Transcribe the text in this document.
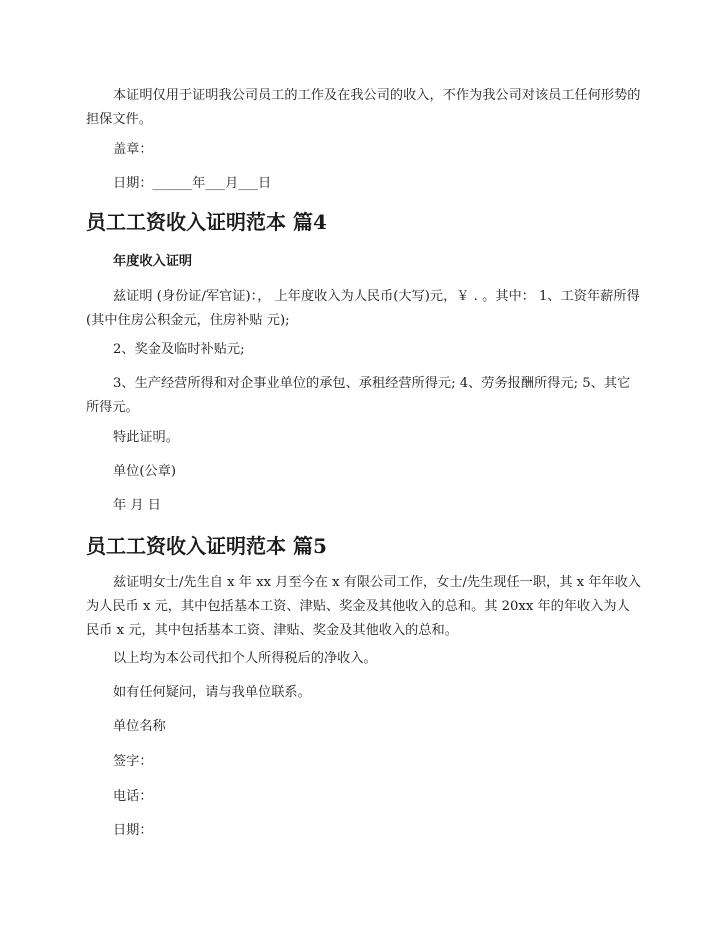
本证明仅用于证明我公司员工的工作及在我公司的收入，不作为我公司对该员工任何形势的担保文件。
盖章：
日期：______年___月___日
员工工资收入证明范本 篇4
年度收入证明
兹证明 (身份证/军官证)：， 上年度收入为人民币(大写)元，￥ . 。其中： 1、工资年薪所得(其中住房公积金元，住房补贴 元);
2、奖金及临时补贴元;
3、生产经营所得和对企事业单位的承包、承租经营所得元; 4、劳务报酬所得元; 5、其它所得元。
特此证明。
单位(公章)
年 月 日
员工工资收入证明范本 篇5
兹证明女士/先生自 x 年 xx 月至今在 x 有限公司工作，女士/先生现任一职，其 x 年年收入为人民币 x 元，其中包括基本工资、津贴、奖金及其他收入的总和。其 20xx 年的年收入为人民币 x 元，其中包括基本工资、津贴、奖金及其他收入的总和。
以上均为本公司代扣个人所得税后的净收入。
如有任何疑问，请与我单位联系。
单位名称
签字：
电话：
日期：
